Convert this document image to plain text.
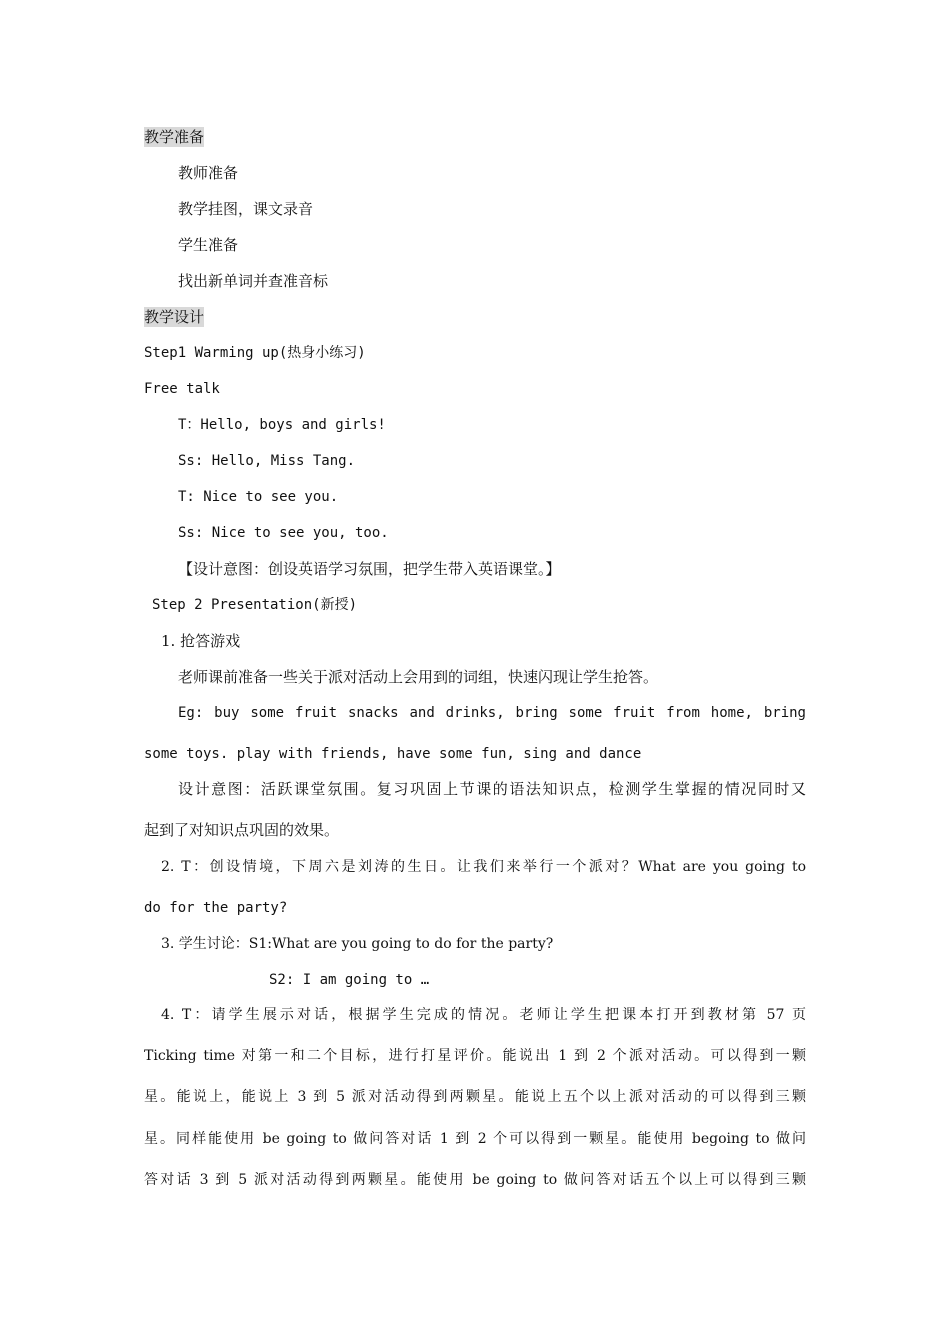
教学准备
教师准备
教学挂图，课文录音
学生准备
找出新单词并查准音标
教学设计
Step1 Warming up(热身小练习)
Free talk
T：Hello, boys and girls!
Ss: Hello, Miss Tang.
T: Nice to see you.
Ss: Nice to see you, too.
【设计意图：创设英语学习氛围，把学生带入英语课堂。】
Step 2 Presentation(新授)
1. 抢答游戏
老师课前准备一些关于派对活动上会用到的词组，快速闪现让学生抢答。
Eg: buy some fruit snacks and drinks, bring some fruit from home, bring
some toys. play with friends, have some fun, sing and dance
设计意图：活跃课堂氛围。复习巩固上节课的语法知识点，检测学生掌握的情况同时又
起到了对知识点巩固的效果。
2. T：创设情境，下周六是刘涛的生日。让我们来举行一个派对？What are you going to
do for the party?
3. 学生讨论：S1:What are you going to do for the party?
S2: I am going to …
4. T：请学生展示对话，根据学生完成的情况。老师让学生把课本打开到教材第 57 页
Ticking time 对第一和二个目标，进行打星评价。能说出 1 到 2 个派对活动。可以得到一颗
星。能说上，能说上 3 到 5 派对活动得到两颗星。能说上五个以上派对活动的可以得到三颗
星。同样能使用 be going to 做问答对话 1 到 2 个可以得到一颗星。能使用 begoing to 做问
答对话 3 到 5 派对活动得到两颗星。能使用 be going to 做问答对话五个以上可以得到三颗
